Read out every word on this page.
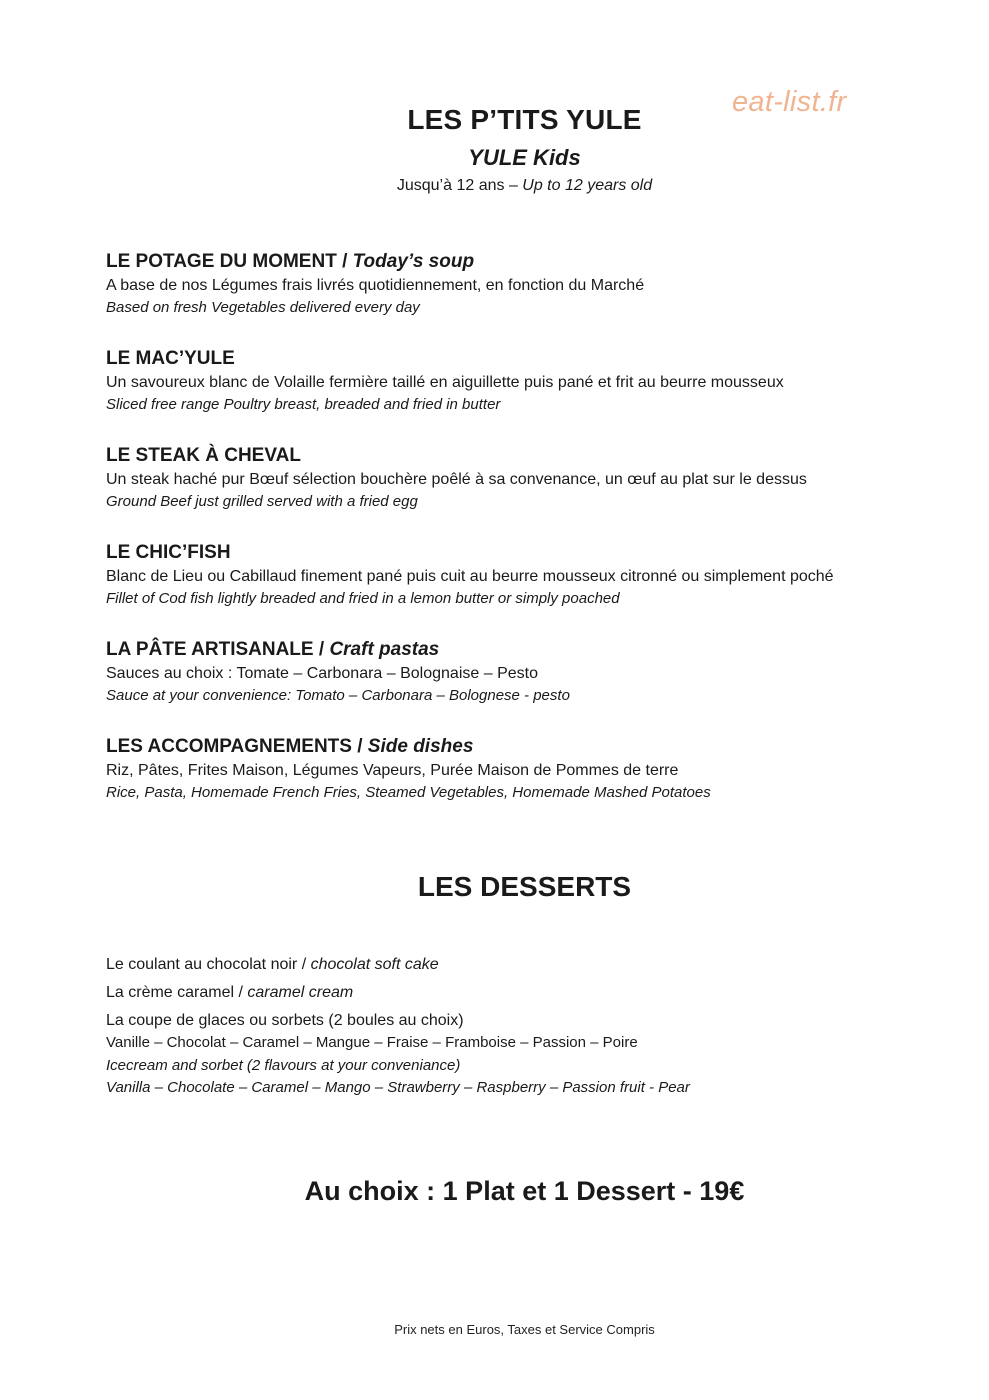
eat-list.fr
LES P’TITS YULE
YULE Kids
Jusqu’à 12 ans – Up to 12 years old
LE POTAGE DU MOMENT / Today’s soup
A base de nos Légumes frais livrés quotidiennement, en fonction du Marché
Based on fresh Vegetables delivered every day
LE MAC’YULE
Un savoureux blanc de Volaille fermière taillé en aiguillette puis pané et frit au beurre mousseux
Sliced free range Poultry breast, breaded and fried in butter
LE STEAK À CHEVAL
Un steak haché pur Bœuf sélection bouchère poêlé à sa convenance, un œuf au plat sur le dessus
Ground Beef just grilled served with a fried egg
LE CHIC’FISH
Blanc de Lieu ou Cabillaud finement pané puis cuit au beurre mousseux citronné ou simplement poché
Fillet of Cod fish lightly breaded and fried in a lemon butter or simply poached
LA PÂTE ARTISANALE / Craft pastas
Sauces au choix : Tomate – Carbonara – Bolognaise – Pesto
Sauce at your convenience: Tomato – Carbonara – Bolognese - pesto
LES ACCOMPAGNEMENTS / Side dishes
Riz, Pâtes, Frites Maison, Légumes Vapeurs, Purée Maison de Pommes de terre
Rice, Pasta, Homemade French Fries, Steamed Vegetables, Homemade Mashed Potatoes
LES DESSERTS
Le coulant au chocolat noir / chocolat soft cake
La crème caramel / caramel cream
La coupe de glaces ou sorbets (2 boules au choix)
Vanille – Chocolat – Caramel – Mangue – Fraise – Framboise – Passion – Poire
Icecream and sorbet (2 flavours at your conveniance)
Vanilla – Chocolate – Caramel – Mango – Strawberry – Raspberry – Passion fruit - Pear
Au choix : 1 Plat et 1 Dessert - 19€
Prix nets en Euros, Taxes et Service Compris
